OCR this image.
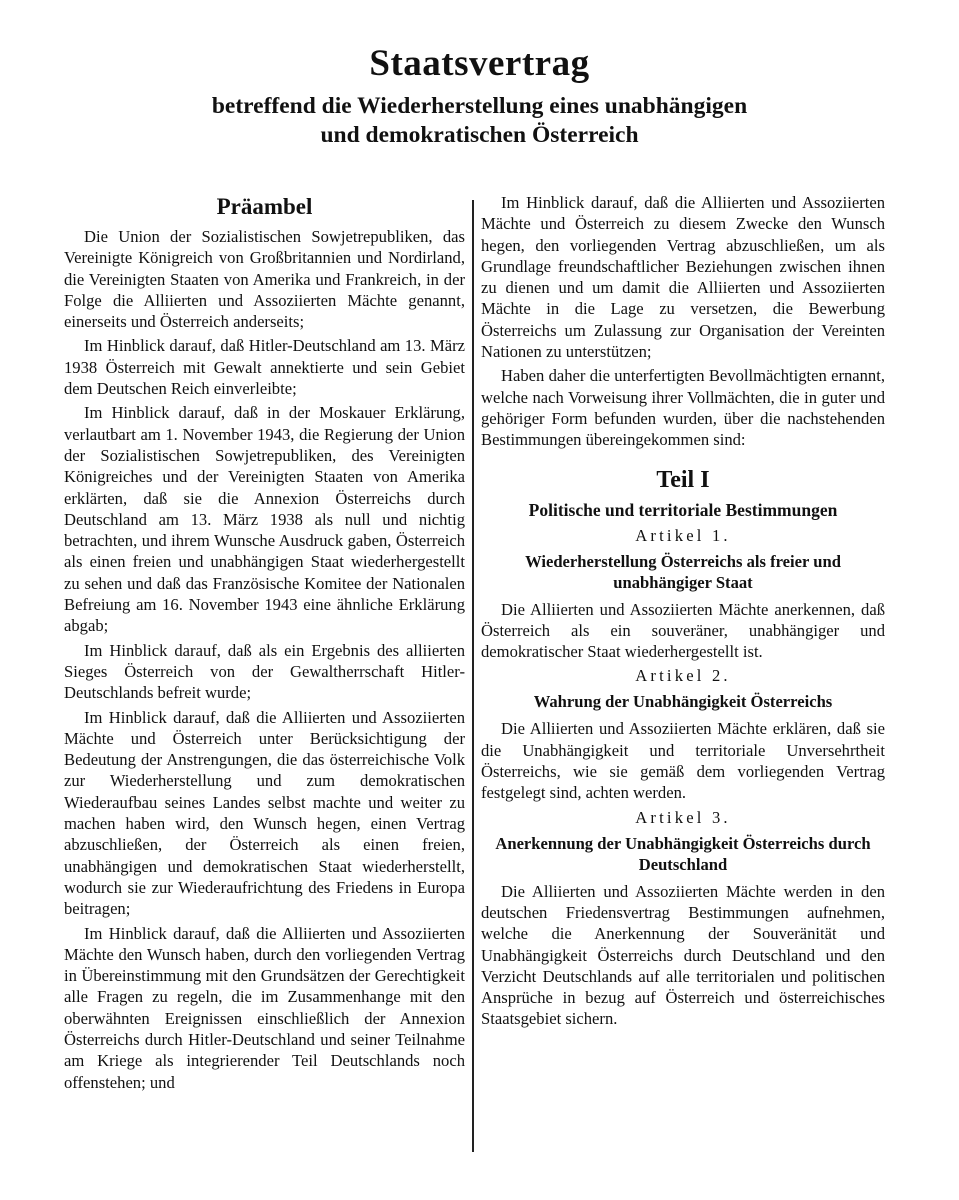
Staatsvertrag
betreffend die Wiederherstellung eines unabhängigen
und demokratischen Österreich
Präambel

Die Union der Sozialistischen Sowjetrepubliken, das Vereinigte Königreich von Großbritannien und Nordirland, die Vereinigten Staaten von Amerika und Frankreich, in der Folge die Alliierten und Assoziierten Mächte genannt, einerseits und Österreich anderseits;

Im Hinblick darauf, daß Hitler-Deutschland am 13. März 1938 Österreich mit Gewalt annektierte und sein Gebiet dem Deutschen Reich einverleibte;

Im Hinblick darauf, daß in der Moskauer Erklärung, verlautbart am 1. November 1943, die Regierung der Union der Sozialistischen Sowjetrepubliken, des Vereinigten Königreiches und der Vereinigten Staaten von Amerika erklärten, daß sie die Annexion Österreichs durch Deutschland am 13. März 1938 als null und nichtig betrachten, und ihrem Wunsche Ausdruck gaben, Österreich als einen freien und unabhängigen Staat wiederhergestellt zu sehen und daß das Französische Komitee der Nationalen Befreiung am 16. November 1943 eine ähnliche Erklärung abgab;

Im Hinblick darauf, daß als ein Ergebnis des alliierten Sieges Österreich von der Gewaltherrschaft Hitler-Deutschlands befreit wurde;

Im Hinblick darauf, daß die Alliierten und Assoziierten Mächte und Österreich unter Berücksichtigung der Bedeutung der Anstrengungen, die das österreichische Volk zur Wiederherstellung und zum demokratischen Wiederaufbau seines Landes selbst machte und weiter zu machen haben wird, den Wunsch hegen, einen Vertrag abzuschließen, der Österreich als einen freien, unabhängigen und demokratischen Staat wiederherstellt, wodurch sie zur Wiederaufrichtung des Friedens in Europa beitragen;

Im Hinblick darauf, daß die Alliierten und Assoziierten Mächte den Wunsch haben, durch den vorliegenden Vertrag in Übereinstimmung mit den Grundsätzen der Gerechtigkeit alle Fragen zu regeln, die im Zusammenhange mit den oberwähnten Ereignissen einschließlich der Annexion Österreichs durch Hitler-Deutschland und seiner Teilnahme am Kriege als integrierender Teil Deutschlands noch offenstehen; und

Im Hinblick darauf, daß die Alliierten und Assoziierten Mächte und Österreich zu diesem Zwecke den Wunsch hegen, den vorliegenden Vertrag abzuschließen, um als Grundlage freundschaftlicher Beziehungen zwischen ihnen zu dienen und um damit die Alliierten und Assoziierten Mächte in die Lage zu versetzen, die Bewerbung Österreichs um Zulassung zur Organisation der Vereinten Nationen zu unterstützen;

Haben daher die unterfertigten Bevollmächtigten ernannt, welche nach Vorweisung ihrer Vollmächten, die in guter und gehöriger Form befunden wurden, über die nachstehenden Bestimmungen übereingekommen sind:

Teil I
Politische und territoriale Bestimmungen
Artikel 1.
Wiederherstellung Österreichs als freier und unabhängiger Staat

Die Alliierten und Assoziierten Mächte anerkennen, daß Österreich als ein souveräner, unabhängiger und demokratischer Staat wiederhergestellt ist.

Artikel 2.
Wahrung der Unabhängigkeit Österreichs

Die Alliierten und Assoziierten Mächte erklären, daß sie die Unabhängigkeit und territoriale Unversehrtheit Österreichs, wie sie gemäß dem vorliegenden Vertrag festgelegt sind, achten werden.

Artikel 3.
Anerkennung der Unabhängigkeit Österreichs durch Deutschland

Die Alliierten und Assoziierten Mächte werden in den deutschen Friedensvertrag Bestimmungen aufnehmen, welche die Anerkennung der Souveränität und Unabhängigkeit Österreichs durch Deutschland und den Verzicht Deutschlands auf alle territorialen und politischen Ansprüche in bezug auf Österreich und österreichisches Staatsgebiet sichern.
